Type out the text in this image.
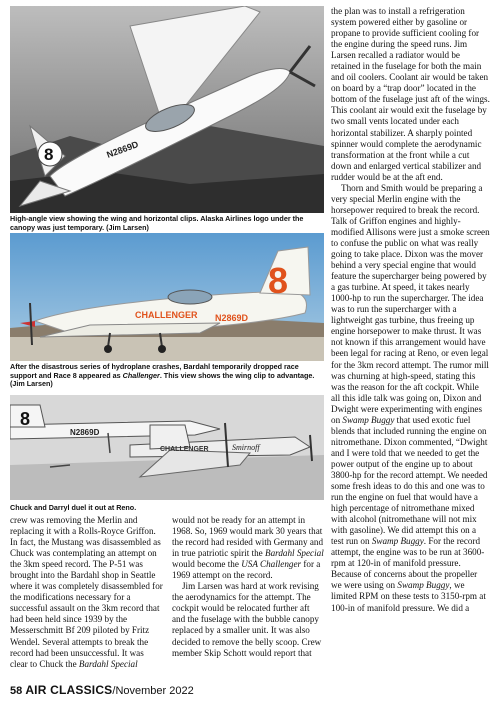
8	N2869D

High-angle view showing the wing and horizontal clips. Alaska Airlines logo under the canopy was just temporary. (Jim Larsen)

8
CHALLENGER N2869D

After the disastrous series of hydroplane crashes, Bardahl temporarily dropped race support and Race 8 appeared as Challenger. This view shows the wing clip to advantage. (Jim Larsen)

8
N2869D
CHALLENGER	Smirnoff

Chuck and Darryl duel it out at Reno.

crew was removing the Merlin and replacing it with a Rolls-Royce Griffon. In fact, the Mustang was disassembled as Chuck was contemplating an attempt on the 3km speed record. The P-51 was brought into the Bardahl shop in Seattle where it was completely disassembled for the modifications necessary for a successful assault on the 3km record that had been held since 1939 by the Messerschmitt Bf 209 piloted by Fritz Wendel. Several attempts to break the record had been unsuccessful. It was clear to Chuck the Bardahl Special

would not be ready for an attempt in 1968. So, 1969 would mark 30 years that the record had resided with Germany and in true patriotic spirit the Bardahl Special would become the USA Challenger for a 1969 attempt on the record.

Jim Larsen was hard at work revising the aerodynamics for the attempt. The cockpit would be relocated further aft and the fuselage with the bubble canopy replaced by a smaller unit. It was also decided to remove the belly scoop. Crew member Skip Schott would report that

the plan was to install a refrigeration system powered either by gasoline or propane to provide sufficient cooling for the engine during the speed runs. Jim Larsen recalled a radiator would be retained in the fuselage for both the main and oil coolers. Coolant air would be taken on board by a “trap door” located in the bottom of the fuselage just aft of the wings. This coolant air would exit the fuselage by two small vents located under each horizontal stabilizer. A sharply pointed spinner would complete the aerodynamic transformation at the front while a cut down and enlarged vertical stabilizer and rudder would be at the aft end.

Thorn and Smith would be preparing a very special Merlin engine with the horsepower required to break the record. Talk of Griffon engines and highly-modified Allisons were just a smoke screen to confuse the public on what was really going to take place. Dixon was the mover behind a very special engine that would feature the supercharger being powered by a gas turbine. At speed, it takes nearly 1000-hp to run the supercharger. The idea was to run the supercharger with a lightweight gas turbine, thus freeing up engine horsepower to make thrust. It was not known if this arrangement would have been legal for racing at Reno, or even legal for the 3km record attempt. The rumor mill was churning at high-speed, stating this was the reason for the aft cockpit. While all this idle talk was going on, Dixon and Dwight were experimenting with engines on Swamp Buggy that used exotic fuel blends that included running the engine on nitromethane. Dixon commented, “Dwight and I were told that we needed to get the power output of the engine up to about 3800-hp for the record attempt. We needed some fresh ideas to do this and one was to run the engine on fuel that would have a high percentage of nitromethane mixed with alcohol (nitromethane will not mix with gasoline). We did attempt this on a test run on Swamp Buggy. For the record attempt, the engine was to be run at 3600-rpm at 120-in of manifold pressure. Because of concerns about the propeller we were using on Swamp Buggy, we limited RPM on these tests to 3150-rpm at 100-in of manifold pressure. We did a

58 AIR CLASSICS/November 2022
